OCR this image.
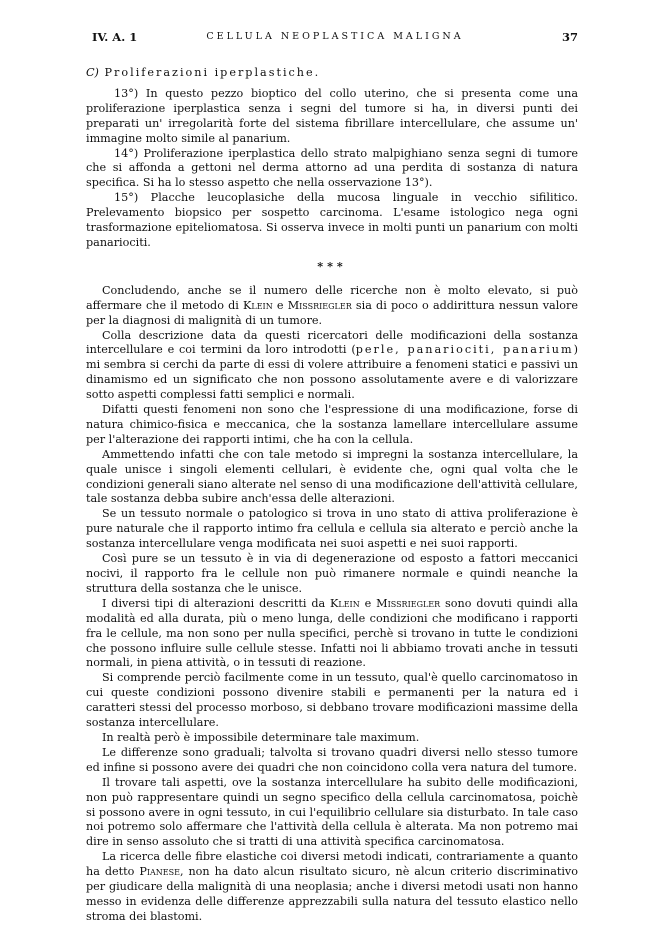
IV. A. 1	CELLULA NEOPLASTICA MALIGNA	37
C) Proliferazioni iperplastiche.

13°) In questo pezzo bioptico del collo uterino, che si presenta come una proliferazione iperplastica senza i segni del tumore si ha, in diversi punti dei preparati un' irregolarità forte del sistema fibrillare intercellulare, che assume un' immagine molto simile al panarium.

14°) Proliferazione iperplastica dello strato malpighiano senza segni di tumore che si affonda a gettoni nel derma attorno ad una perdita di sostanza di natura specifica. Si ha lo stesso aspetto che nella osservazione 13°).

15°) Placche leucoplasiche della mucosa linguale in vecchio sifilitico. Prelevamento biopsico per sospetto carcinoma. L'esame istologico nega ogni trasformazione epiteliomatosa. Si osserva invece in molti punti un panarium con molti panariociti.

***

Concludendo, anche se il numero delle ricerche non è molto elevato, si può affermare che il metodo di Klein e Missriegler sia di poco o addirittura nessun valore per la diagnosi di malignità di un tumore.

Colla descrizione data da questi ricercatori delle modificazioni della sostanza intercellulare e coi termini da loro introdotti (perle, panariociti, panarium) mi sembra si cerchi da parte di essi di volere attribuire a fenomeni statici e passivi un dinamismo ed un significato che non possono assolutamente avere e di valorizzare sotto aspetti complessi fatti semplici e normali.

Difatti questi fenomeni non sono che l'espressione di una modificazione, forse di natura chimico-fisica e meccanica, che la sostanza lamellare intercellulare assume per l'alterazione dei rapporti intimi, che ha con la cellula.

Ammettendo infatti che con tale metodo si impregni la sostanza intercellulare, la quale unisce i singoli elementi cellulari, è evidente che, ogni qual volta che le condizioni generali siano alterate nel senso di una modificazione dell'attività cellulare, tale sostanza debba subire anch'essa delle alterazioni.

Se un tessuto normale o patologico si trova in uno stato di attiva proliferazione è pure naturale che il rapporto intimo fra cellula e cellula sia alterato e perciò anche la sostanza intercellulare venga modificata nei suoi aspetti e nei suoi rapporti.

Così pure se un tessuto è in via di degenerazione od esposto a fattori meccanici nocivi, il rapporto fra le cellule non può rimanere normale e quindi neanche la struttura della sostanza che le unisce.

I diversi tipi di alterazioni descritti da Klein e Missriegler sono dovuti quindi alla modalità ed alla durata, più o meno lunga, delle condizioni che modificano i rapporti fra le cellule, ma non sono per nulla specifici, perchè si trovano in tutte le condizioni che possono influire sulle cellule stesse. Infatti noi li abbiamo trovati anche in tessuti normali, in piena attività, o in tessuti di reazione.

Si comprende perciò facilmente come in un tessuto, qual'è quello carcinomatoso in cui queste condizioni possono divenire stabili e permanenti per la natura ed i caratteri stessi del processo morboso, si debbano trovare modificazioni massime della sostanza intercellulare.

In realtà però è impossibile determinare tale maximum.

Le differenze sono graduali; talvolta si trovano quadri diversi nello stesso tumore ed infine si possono avere dei quadri che non coincidono colla vera natura del tumore.

Il trovare tali aspetti, ove la sostanza intercellulare ha subito delle modificazioni, non può rappresentare quindi un segno specifico della cellula carcinomatosa, poichè si possono avere in ogni tessuto, in cui l'equilibrio cellulare sia disturbato. In tale caso noi potremo solo affermare che l'attività della cellula è alterata. Ma non potremo mai dire in senso assoluto che si tratti di una attività specifica carcinomatosa.

La ricerca delle fibre elastiche coi diversi metodi indicati, contrariamente a quanto ha detto Pianese, non ha dato alcun risultato sicuro, nè alcun criterio discriminativo per giudicare della malignità di una neoplasia; anche i diversi metodi usati non hanno messo in evidenza delle differenze apprezzabili sulla natura del tessuto elastico nello stroma dei blastomi.
